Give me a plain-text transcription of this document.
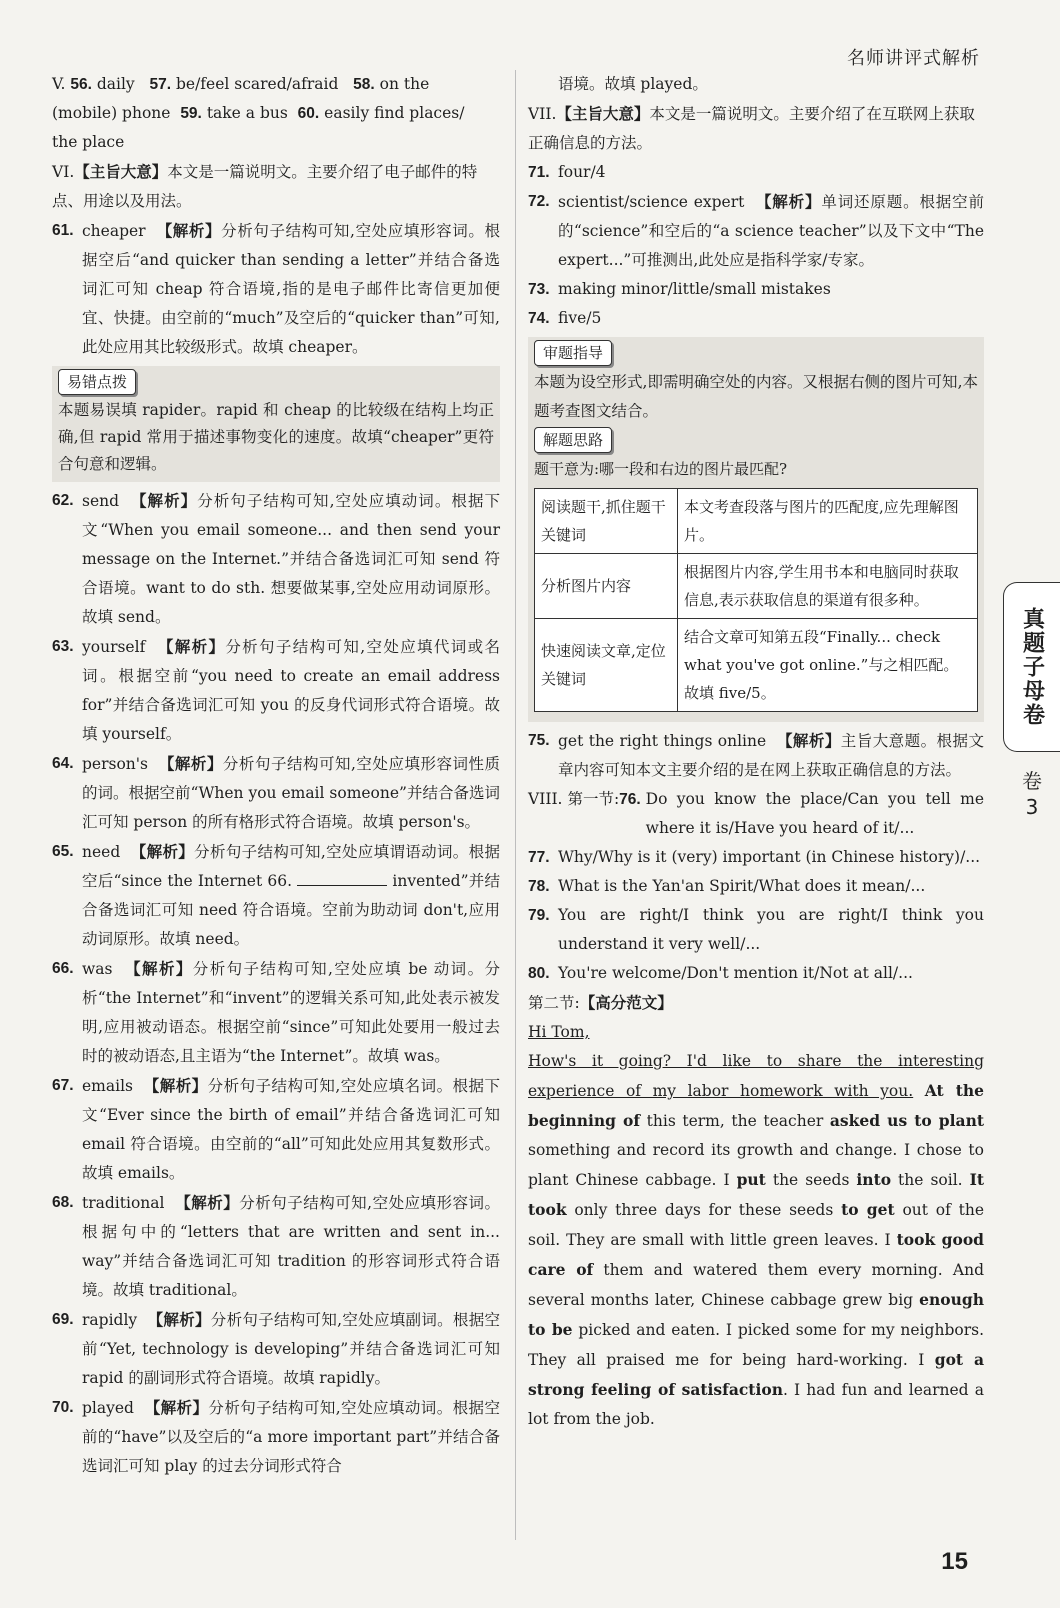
名师讲评式解析

V. 56. daily 57. be/feel scared/afraid 58. on the

(mobile) phone 59. take a bus 60. easily find places/

the place

VI.【主旨大意】本文是一篇说明文。主要介绍了电子邮件的特点、用途以及用法。

61. cheaper 【解析】分析句子结构可知,空处应填形容词。根据空后“and quicker than sending a letter”并结合备选词汇可知 cheap 符合语境,指的是电子邮件比寄信更加便宜、快捷。由空前的“much”及空后的“quicker than”可知,此处应用其比较级形式。故填 cheaper。
易错点拨

本题易误填 rapider。rapid 和 cheap 的比较级在结构上均正确,但 rapid 常用于描述事物变化的速度。故填“cheaper”更符合句意和逻辑。

62. send 【解析】分析句子结构可知,空处应填动词。根据下文“When you email someone... and then send your message on the Internet.”并结合备选词汇可知 send 符合语境。want to do sth. 想要做某事,空处应用动词原形。故填 send。
63. yourself 【解析】分析句子结构可知,空处应填代词或名词。根据空前“you need to create an email address for”并结合备选词汇可知 you 的反身代词形式符合语境。故填 yourself。
64. person's 【解析】分析句子结构可知,空处应填形容词性质的词。根据空前“When you email someone”并结合备选词汇可知 person 的所有格形式符合语境。故填 person's。
65. need 【解析】分析句子结构可知,空处应填谓语动词。根据空后“since the Internet 66.	invented”并结合备选词汇可知 need 符合语境。空前为助动词 don't,应用动词原形。故填 need。
66. was 【解析】分析句子结构可知,空处应填 be 动词。分析“the Internet”和“invent”的逻辑关系可知,此处表示被发明,应用被动语态。根据空前“since”可知此处要用一般过去时的被动语态,且主语为“the Internet”。故填 was。
67. emails 【解析】分析句子结构可知,空处应填名词。根据下文“Ever since the birth of email”并结合备选词汇可知 email 符合语境。由空前的“all”可知此处应用其复数形式。故填 emails。
68. traditional 【解析】分析句子结构可知,空处应填形容词。根据句中的“letters that are written and sent in... way”并结合备选词汇可知 tradition 的形容词形式符合语境。故填 traditional。
69. rapidly 【解析】分析句子结构可知,空处应填副词。根据空前“Yet, technology is developing”并结合备选词汇可知 rapid 的副词形式符合语境。故填 rapidly。
70. played 【解析】分析句子结构可知,空处应填动词。根据空前的“have”以及空后的“a more important part”并结合备选词汇可知 play 的过去分词形式符合

语境。故填 played。

VII.【主旨大意】本文是一篇说明文。主要介绍了在互联网上获取正确信息的方法。

71. four/4
72. scientist/science expert 【解析】单词还原题。根据空前的“science”和空后的“a science teacher”以及下文中“The expert...”可推测出,此处应是指科学家/专家。
73. making minor/little/small mistakes
74. five/5
审题指导

本题为设空形式,即需明确空处的内容。又根据右侧的图片可知,本题考查图文结合。

解题思路

题干意为:哪一段和右边的图片最匹配?

阅读题干,抓住题干关键词	本文考查段落与图片的匹配度,应先理解图片。
分析图片内容	根据图片内容,学生用书本和电脑同时获取信息,表示获取信息的渠道有很多种。
快速阅读文章,定位关键词	结合文章可知第五段“Finally... check what you've got online.”与之相匹配。故填 five/5。
75. get the right things online 【解析】主旨大意题。根据文章内容可知本文主要介绍的是在网上获取正确信息的方法。
VIII. 第一节:76. Do you know the place/Can you tell me where it is/Have you heard of it/...
77. Why/Why is it (very) important (in Chinese history)/...
78. What is the Yan'an Spirit/What does it mean/...
79. You are right/I think you are right/I think you understand it very well/...
80. You're welcome/Don't mention it/Not at all/...

第二节:【高分范文】

Hi Tom,

How's it going? I'd like to share the interesting experience of my labor homework with you. At the beginning of this term, the teacher asked us to plant something and record its growth and change. I chose to plant Chinese cabbage. I put the seeds into the soil. It took only three days for these seeds to get out of the soil. They are small with little green leaves. I took good care of them and watered them every morning. And several months later, Chinese cabbage grew big enough to be picked and eaten. I picked some for my neighbors. They all praised me for being hard-working. I got a strong feeling of satisfaction. I had fun and learned a lot from the job.

真题子母卷
卷
3
15
